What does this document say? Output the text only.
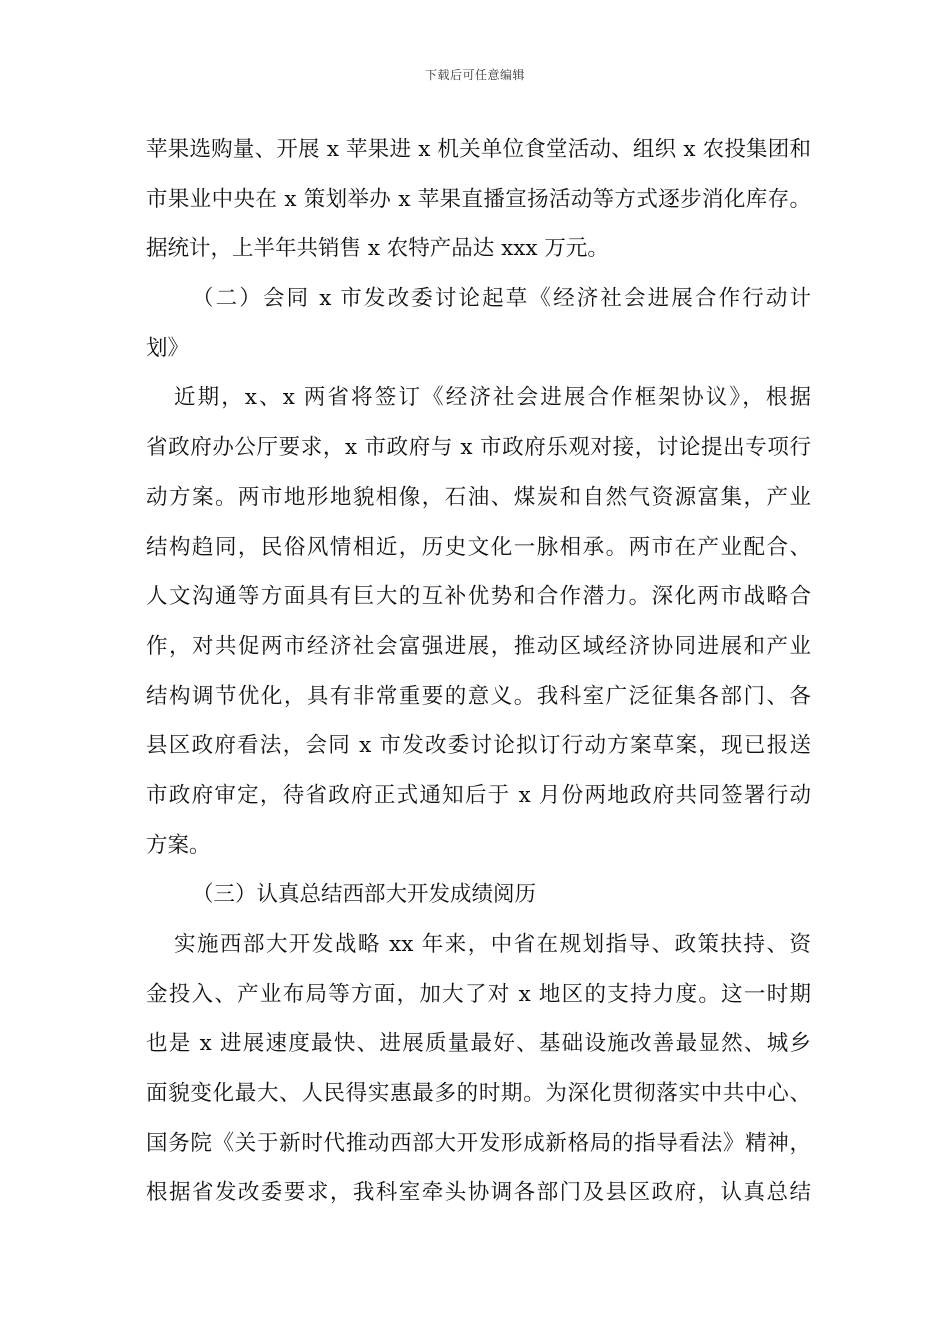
下载后可任意编辑
苹果选购量、开展 x 苹果进 x 机关单位食堂活动、组织 x 农投集团和
市果业中央在 x 策划举办 x 苹果直播宣扬活动等方式逐步消化库存。
据统计，上半年共销售 x 农特产品达 xxx 万元。
（二）会同 x 市发改委讨论起草《经济社会进展合作行动计
划》
近期，x、x 两省将签订《经济社会进展合作框架协议》，根据
省政府办公厅要求，x 市政府与 x 市政府乐观对接，讨论提出专项行
动方案。两市地形地貌相像，石油、煤炭和自然气资源富集，产业
结构趋同，民俗风情相近，历史文化一脉相承。两市在产业配合、
人文沟通等方面具有巨大的互补优势和合作潜力。深化两市战略合
作，对共促两市经济社会富强进展，推动区域经济协同进展和产业
结构调节优化，具有非常重要的意义。我科室广泛征集各部门、各
县区政府看法，会同 x 市发改委讨论拟订行动方案草案，现已报送
市政府审定，待省政府正式通知后于 x 月份两地政府共同签署行动
方案。
（三）认真总结西部大开发成绩阅历
实施西部大开发战略 xx 年来，中省在规划指导、政策扶持、资
金投入、产业布局等方面，加大了对 x 地区的支持力度。这一时期
也是 x 进展速度最快、进展质量最好、基础设施改善最显然、城乡
面貌变化最大、人民得实惠最多的时期。为深化贯彻落实中共中心、
国务院《关于新时代推动西部大开发形成新格局的指导看法》精神，
根据省发改委要求，我科室牵头协调各部门及县区政府，认真总结
